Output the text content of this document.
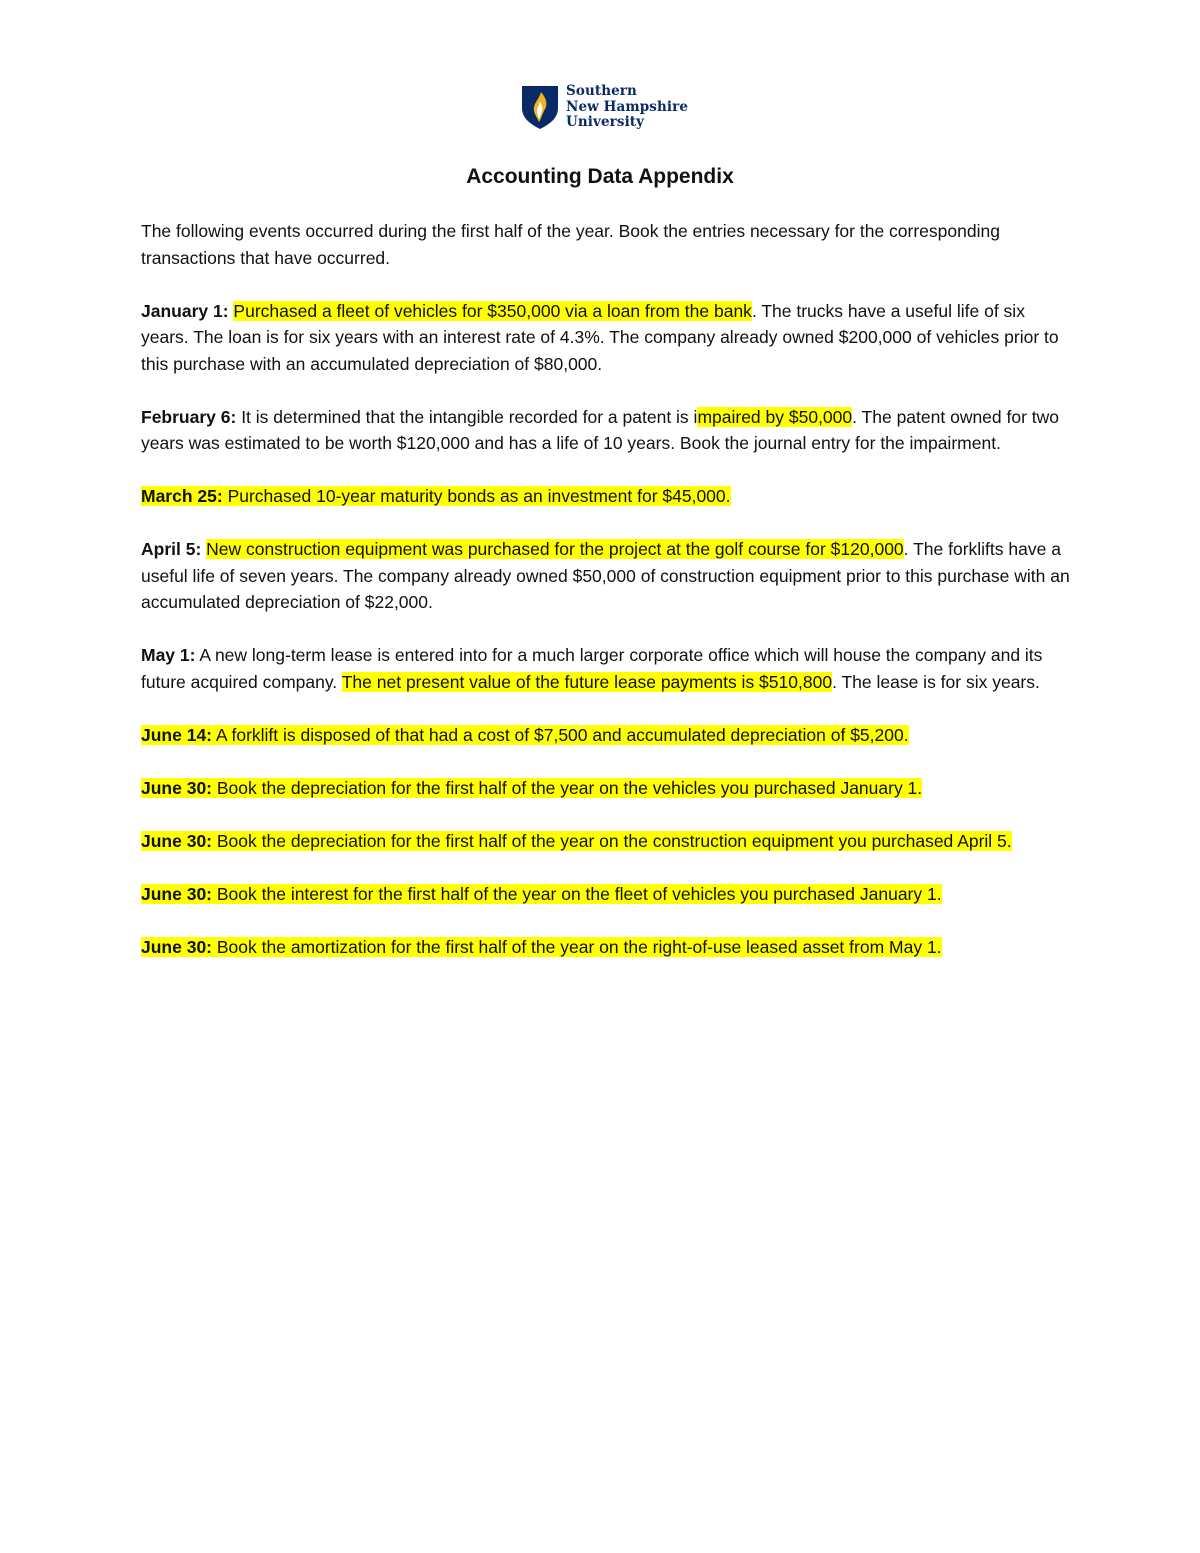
Southern
New Hampshire
University
Accounting Data Appendix

The following events occurred during the first half of the year. Book the entries necessary for the corresponding transactions that have occurred.

January 1: Purchased a fleet of vehicles for $350,000 via a loan from the bank. The trucks have a useful life of six years. The loan is for six years with an interest rate of 4.3%. The company already owned $200,000 of vehicles prior to this purchase with an accumulated depreciation of $80,000.

February 6: It is determined that the intangible recorded for a patent is impaired by $50,000. The patent owned for two years was estimated to be worth $120,000 and has a life of 10 years. Book the journal entry for the impairment.

March 25: Purchased 10-year maturity bonds as an investment for $45,000.

April 5: New construction equipment was purchased for the project at the golf course for $120,000. The forklifts have a useful life of seven years. The company already owned $50,000 of construction equipment prior to this purchase with an accumulated depreciation of $22,000.

May 1: A new long-term lease is entered into for a much larger corporate office which will house the company and its future acquired company. The net present value of the future lease payments is $510,800. The lease is for six years.

June 14: A forklift is disposed of that had a cost of $7,500 and accumulated depreciation of $5,200.

June 30: Book the depreciation for the first half of the year on the vehicles you purchased January 1.

June 30: Book the depreciation for the first half of the year on the construction equipment you purchased April 5.

June 30: Book the interest for the first half of the year on the fleet of vehicles you purchased January 1.

June 30: Book the amortization for the first half of the year on the right-of-use leased asset from May 1.
